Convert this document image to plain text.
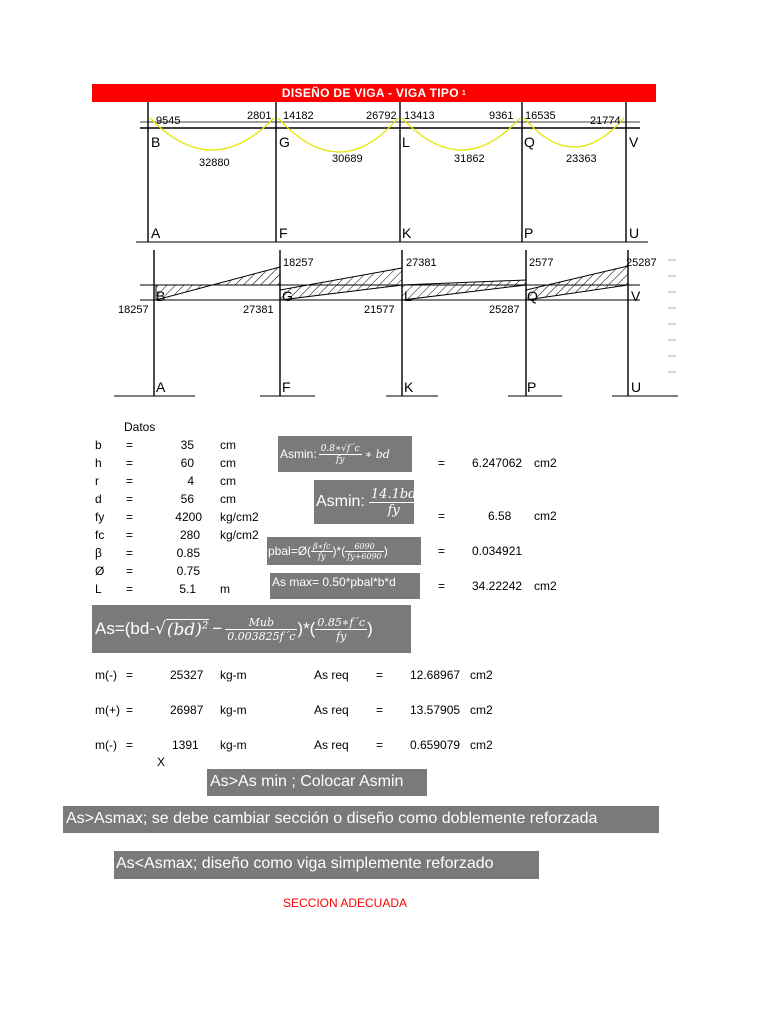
DISEÑO DE VIGA - VIGA TIPO 1
9545	2801 14182	26792 13413	9361 16535	21774
32880	30689	31862	23363
B	G	L	Q	V
A	F	K	P	U
18257	27381	2577	25287
18257	27381	21577	25287
B	G	L	Q	V
A	F	K	P	U
Datos
b =	35 cm
h =	60 cm
r =	4 cm
d =	56 cm
fy =	4200 kg/cm2
fc =	280 kg/cm2
β =	0.85
Ø =	0.75
L =	5.1 m
Asmin: $\frac{0.8∗√f´c}{fy}$ ∗ bd
= 6.247062 cm2
Asmin: $\frac{14.1bd}{fy}$ =	6.58 cm2
pbal=Ø ( $\frac{\beta∗fc}{fy}$ )*( $\frac{6090}{fy+6090}$ )	= 0.034921
As max= 0.50*pbal*b*d	= 34.22242 cm2
As=(bd- √ $(bd)^2 - \frac{\text{Mub}}{0.003825f´c}$ )*( $\frac{0.85∗f´c}{fy}$ )
m(-) =	25327 kg-m	As req = 12.68967 cm2
m(+) =	26987 kg-m	As req = 13.57905 cm2
m(-) =	1391 kg-m	As req = 0.659079 cm2
X
As>As min ; Colocar Asmin
As>Asmax; se debe cambiar sección o diseño como doblemente reforzada
As<Asmax; diseño como viga simplemente reforzado
SECCION ADECUADA
